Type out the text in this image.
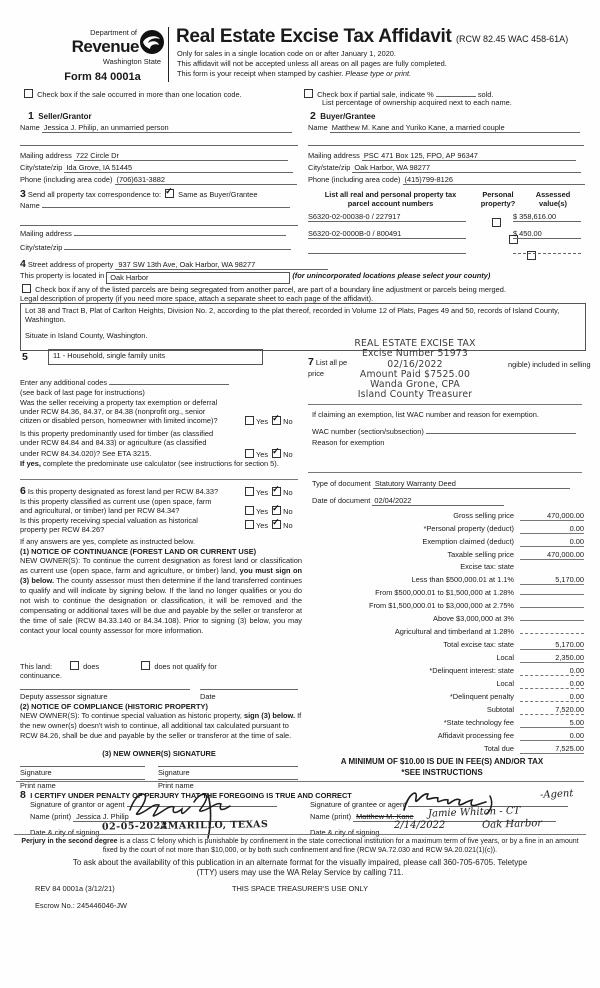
Department of
Revenue
Washington State
Form 84 0001a
Real Estate Excise Tax Affidavit (RCW 82.45 WAC 458-61A)
Only for sales in a single location code on or after January 1, 2020.
This affidavit will not be accepted unless all areas on all pages are fully completed.
This form is your receipt when stamped by cashier. Please type or print.
Check box if the sale occurred in more than one location code.	Check box if partial sale, indicate %	sold.
List percentage of ownership acquired next to each name.
1 Seller/Grantor	2 Buyer/Grantee
Name Jessica J. Philip, an unmarried person
Mailing address 722 Circle Dr
City/state/zip Ida Grove, IA 51445
Phone (including area code) (706)631-3882
Name Matthew M. Kane and Yuriko Kane, a married couple
Mailing address PSC 471 Box 125, FPO, AP 96347
City/state/zip Oak Harbor, WA 98277
Phone (including area code) (415)799-8126
3 Send all property tax correspondence to: ✓ Same as Buyer/Grantee
Name
Mailing address
City/state/zip
List all real and personal property tax
parcel account numbers
Personal
property?
Assessed
value(s)
S6320-02-00038-0 / 227917
	$ 358,616.00
S6320-02-0000B-0 / 800491
	$ 450.00
4 Street address of property 937 SW 13th Ave, Oak Harbor, WA 98277
This property is located in Oak Harbor	(for unincorporated locations please select your county)
Check box if any of the listed parcels are being segregated from another parcel, are part of a boundary line adjustment or parcels being merged.
Legal description of property (if you need more space, attach a separate sheet to each page of the affidavit).
Lot 38 and Tract B, Plat of Carlton Heights, Division No. 2, according to the plat thereof, recorded in Volume 12 of Plats, Pages 49 and 50, records of Island County, Washington.
Situate in Island County, Washington.
REAL ESTATE EXCISE TAX
Excise Number 51973
02/16/2022
Amount Paid $7525.00
Wanda Grone, CPA
Island County Treasurer
5	11 - Household, single family units
Enter any additional codes
(see back of last page for instructions)
Was the seller receiving a property tax exemption or deferral
under RCW 84.36, 84.37, or 84.38 (nonprofit org., senior
citizen or disabled person, homeowner with limited income)?	Yes ✓ No
Is this property predominantly used for timber (as classified
under RCW 84.84 and 84.33) or agriculture (as classified
under RCW 84.34.020)? See ETA 3215.	Yes ✓ No
If yes, complete the predominate use calculator (see instructions for section 5).
7 List all pe	ngible) included in selling
price
If claiming an exemption, list WAC number and reason for exemption.
WAC number (section/subsection)
Reason for exemption
Type of document Statutory Warranty Deed
Date of document 02/04/2022
6 Is this property designated as forest land per RCW 84.33?	Yes ✓ No
Is this property classified as current use (open space, farm
and agricultural, or timber) land per RCW 84.34?	Yes ✓ No
Is this property receiving special valuation as historical
property per RCW 84.26?	Yes ✓ No
If any answers are yes, complete as instructed below.
(1) NOTICE OF CONTINUANCE (FOREST LAND OR CURRENT USE)
NEW OWNER(S): To continue the current designation as forest land or classification as current use (open space, farm and agriculture, or timber) land, you must sign on (3) below. The county assessor must then determine if the land transferred continues to qualify and will indicate by signing below. If the land no longer qualifies or you do not wish to continue the designation or classification, it will be removed and the compensating or additional taxes will be due and payable by the seller or transferor at the time of sale (RCW 84.33.140 or 84.34.108). Prior to signing (3) below, you may contact your local county assessor for more information.
This land:	does	does not qualify for
continuance.
Deputy assessor signature	Date
(2) NOTICE OF COMPLIANCE (HISTORIC PROPERTY)
NEW OWNER(S): To continue special valuation as historic property, sign (3) below. If the new owner(s) doesn't wish to continue, all additional tax calculated pursuant to RCW 84.26, shall be due and payable by the seller or transferor at the time of sale.
(3) NEW OWNER(S) SIGNATURE
Signature	Signature
Print name	Print name
Gross selling price	470,000.00
*Personal property (deduct)	0.00
Exemption claimed (deduct)	0.00
Taxable selling price	470,000.00
Excise tax: state
Less than $500,000.01 at 1.1%	5,170.00
From $500,000.01 to $1,500,000 at 1.28%
From $1,500,000.01 to $3,000,000 at 2.75%
Above $3,000,000 at 3%
Agricultural and timberland at 1.28%
Total excise tax: state	5,170.00
Local	2,350.00
*Delinquent interest: state	0.00
Local	0.00
*Delinquent penalty	0.00
Subtotal	7,520.00
*State technology fee	5.00
Affidavit processing fee	0.00
Total due	7,525.00
A MINIMUM OF $10.00 IS DUE IN FEE(S) AND/OR TAX
*SEE INSTRUCTIONS
8 I CERTIFY UNDER PENALTY OF PERJURY THAT THE FOREGOING IS TRUE AND CORRECT
Signature of grantor or agent
Name (print) Jessica J. Philip
Date & city of signing 02-05-2022
AMARILLO, TEXAS
Signature of grantee or agent
-Agent
Name (print) Matthew M. Kane	Jamie Whiton - CT
Date & city of signing
2/14/2022	Oak Harbor
Perjury in the second degree is a class C felony which is punishable by confinement in the state correctional institution for a maximum term of five years, or by a fine in an amount fixed by the court of not more than $10,000, or by both such confinement and fine (RCW 9A.72.030 and RCW 9A.20.021(1)(c)).
To ask about the availability of this publication in an alternate format for the visually impaired, please call 360-705-6705. Teletype
(TTY) users may use the WA Relay Service by calling 711.
REV 84 0001a (3/12/21)	THIS SPACE TREASURER'S USE ONLY
Escrow No.: 245446046-JW
